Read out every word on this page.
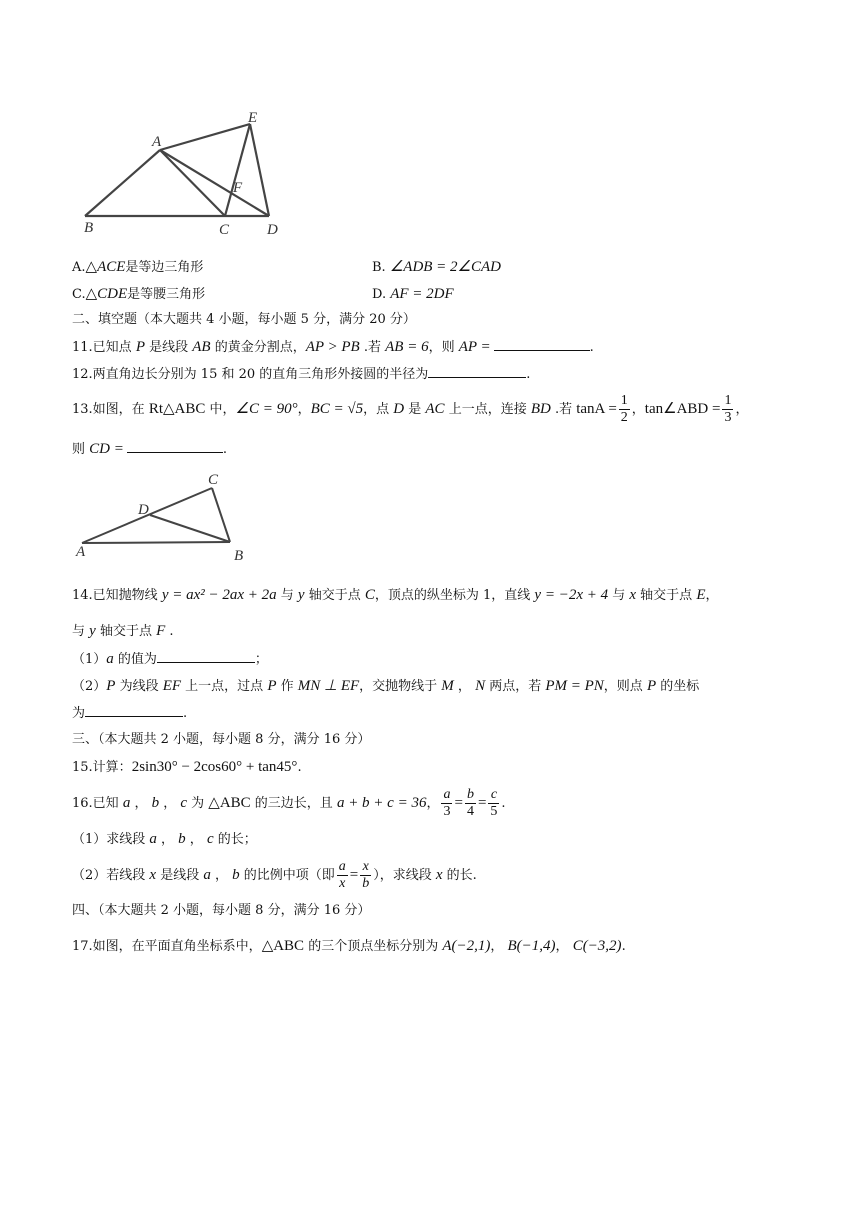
A
E
F
B	C	D
A.△ACE是等边三角形	B. ∠ADB = 2∠CAD
C.△CDE是等腰三角形	D. AF = 2DF
二、填空题（本大题共 4 小题，每小题 5 分，满分 20 分）
11.已知点 P 是线段 AB 的黄金分割点，AP > PB .若 AB = 6，则 AP =	.
12.两直角边长分别为 15 和 20 的直角三角形外接圆的半径为	.
13.如图，在 Rt△ABC 中，∠C = 90°，BC = √5，点 D 是 AC 上一点，连接 BD .若 $\tan A = \frac{1}{2}$ ，tan∠ABD = $\frac{1}{3}$ ，
则 CD =	.
C
D
A	B
14.已知抛物线 y = ax² − 2ax + 2a 与 y 轴交于点 C，顶点的纵坐标为 1，直线 y = −2x + 4 与 x 轴交于点 E，
与 y 轴交于点 F .
（1）a 的值为	；
（2）P 为线段 EF 上一点，过点 P 作 MN ⊥ EF，交抛物线于 M ， N 两点，若 PM = PN，则点 P 的坐标
为	.
三、（本大题共 2 小题，每小题 8 分，满分 16 分）
15.计算：2sin30° − 2cos60° + tan45°.
16.已知 a ， b ， c 为 △ABC 的三边长，且 a + b + c = 36， $\frac{a}{3} = \frac{b}{4} = \frac{c}{5}$ .
（1）求线段 a ， b ， c 的长；
（2）若线段 x 是线段 a ， b 的比例中项（即 $\frac{a}{x} = \frac{x}{b}$ ），求线段 x 的长.
四、（本大题共 2 小题，每小题 8 分，满分 16 分）
17.如图，在平面直角坐标系中，△ABC 的三个顶点坐标分别为 A(−2,1)， B(−1,4)， C(−3,2).
